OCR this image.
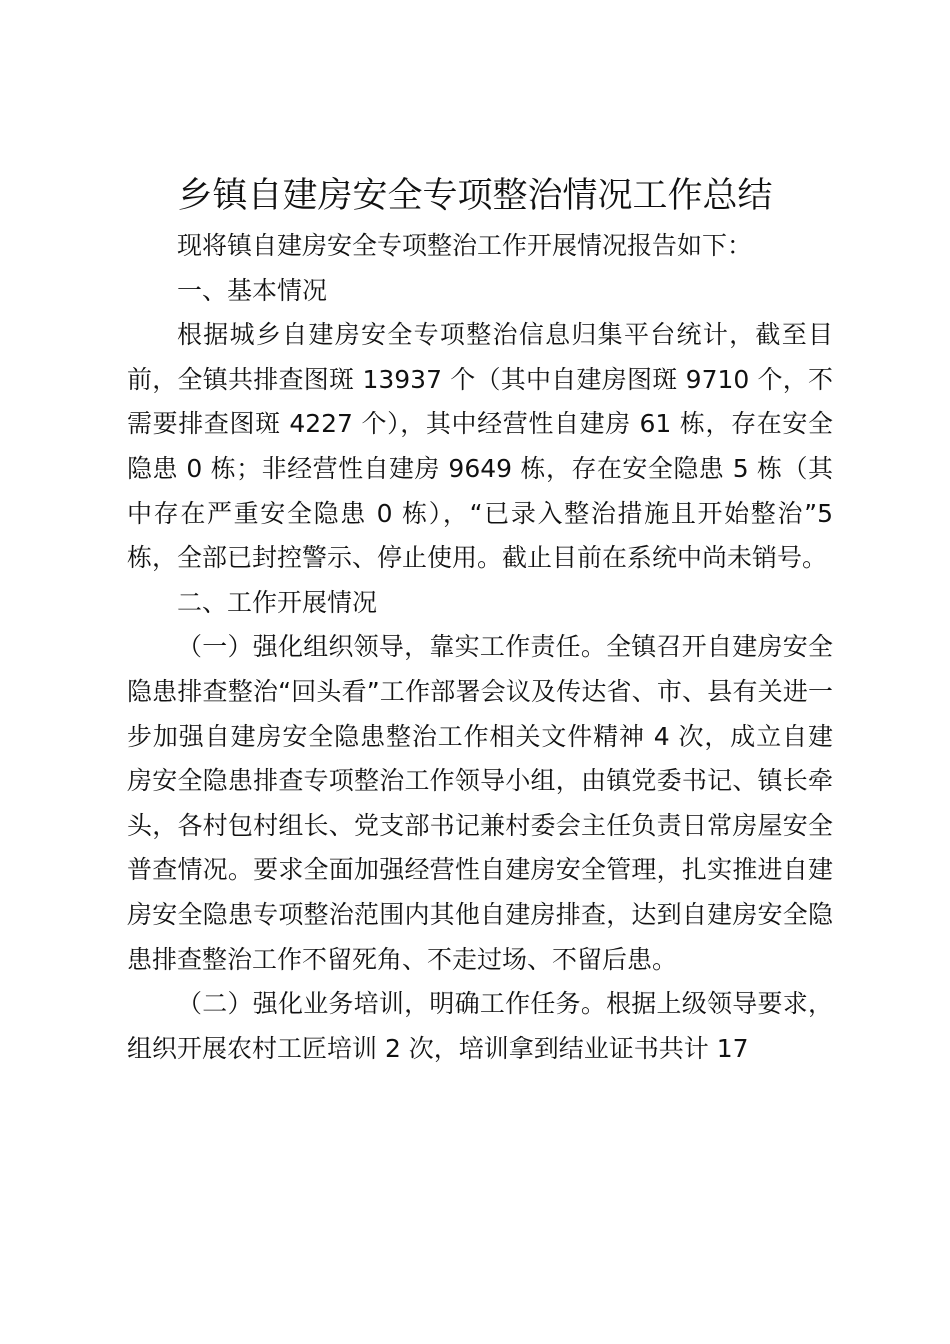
乡镇自建房安全专项整治情况工作总结

现将镇自建房安全专项整治工作开展情况报告如下：

一、基本情况

根据城乡自建房安全专项整治信息归集平台统计，截至目前，全镇共排查图斑 13937 个（其中自建房图斑 9710 个，不需要排查图斑 4227 个），其中经营性自建房 61 栋，存在安全隐患 0 栋；非经营性自建房 9649 栋，存在安全隐患 5 栋（其中存在严重安全隐患 0 栋），“已录入整治措施且开始整治”5 栋，全部已封控警示、停止使用。截止目前在系统中尚未销号。

二、工作开展情况

（一）强化组织领导，靠实工作责任。全镇召开自建房安全隐患排查整治“回头看”工作部署会议及传达省、市、县有关进一步加强自建房安全隐患整治工作相关文件精神 4 次，成立自建房安全隐患排查专项整治工作领导小组，由镇党委书记、镇长牵头，各村包村组长、党支部书记兼村委会主任负责日常房屋安全普查情况。要求全面加强经营性自建房安全管理，扎实推进自建房安全隐患专项整治范围内其他自建房排查，达到自建房安全隐患排查整治工作不留死角、不走过场、不留后患。

（二）强化业务培训，明确工作任务。根据上级领导要求，组织开展农村工匠培训 2 次，培训拿到结业证书共计 17
